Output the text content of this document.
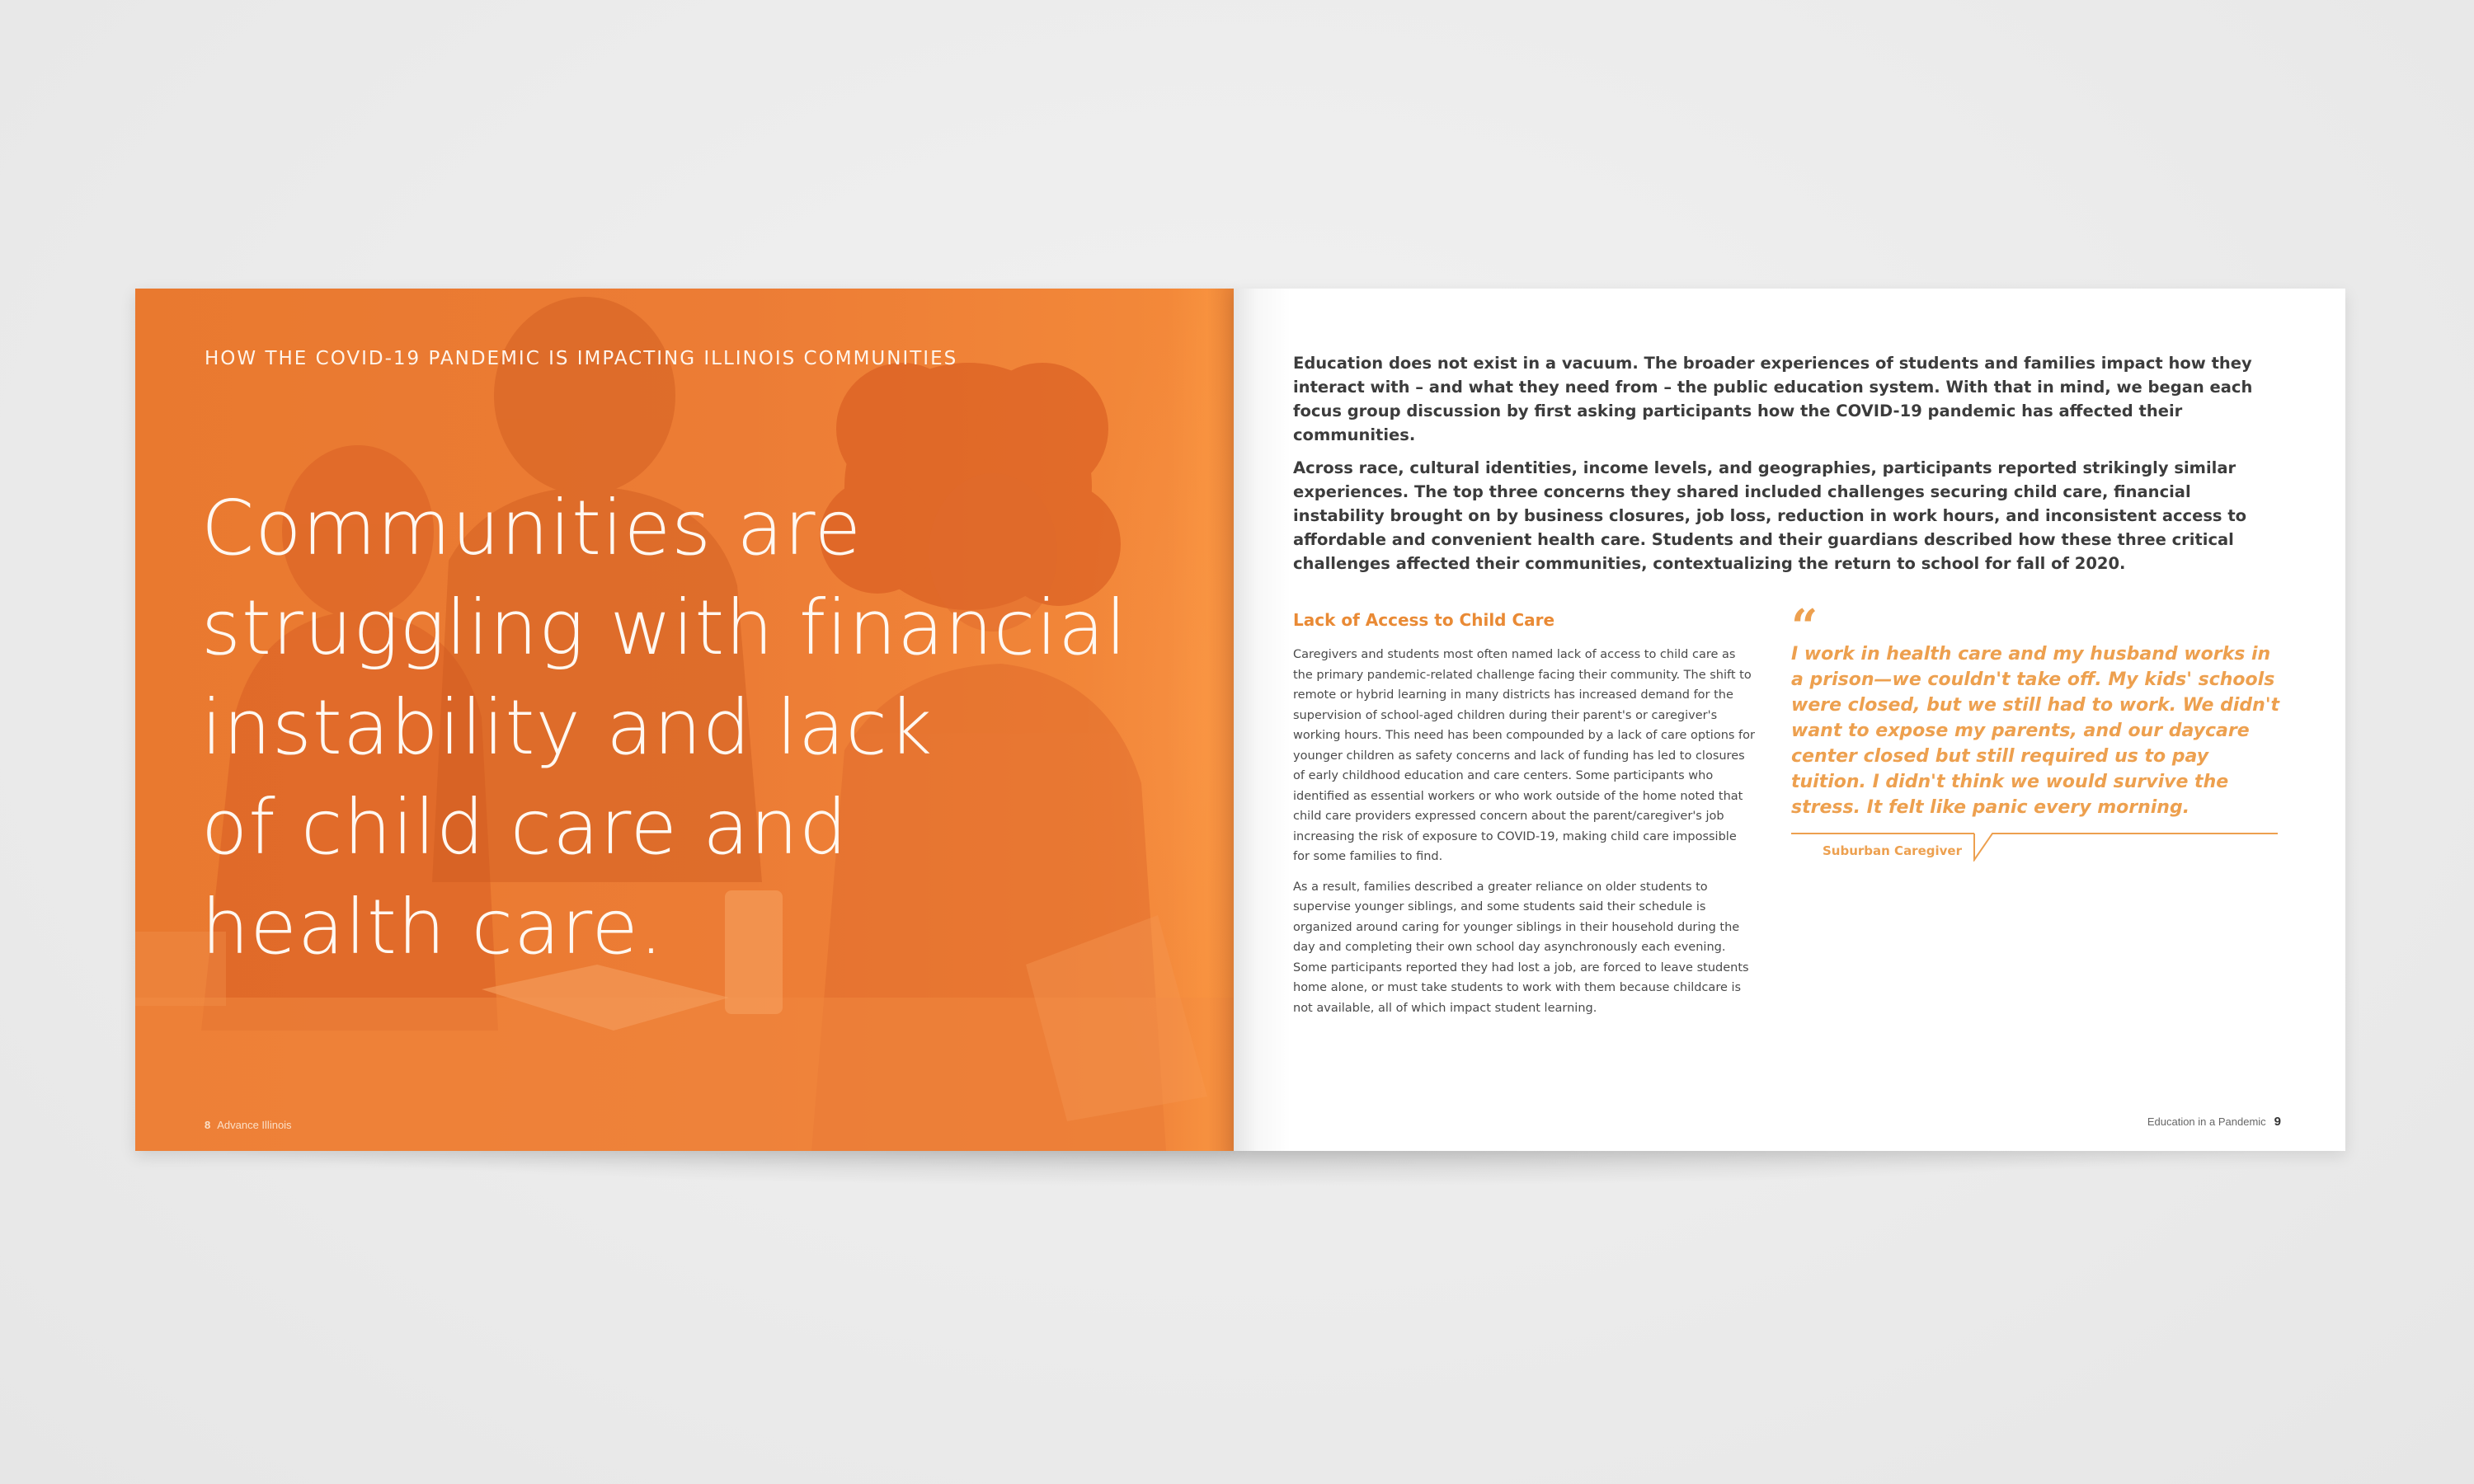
HOW THE COVID-19 PANDEMIC IS IMPACTING ILLINOIS COMMUNITIES
Communities are
struggling with financial
instability and lack
of child care and
health care.
8 Advance Illinois

Education does not exist in a vacuum. The broader experiences of students and families impact how they interact with – and what they need from – the public education system. With that in mind, we began each focus group discussion by first asking participants how the COVID-19 pandemic has affected their communities.

Across race, cultural identities, income levels, and geographies, participants reported strikingly similar experiences. The top three concerns they shared included challenges securing child care, financial instability brought on by business closures, job loss, reduction in work hours, and inconsistent access to affordable and convenient health care. Students and their guardians described how these three critical challenges affected their communities, contextualizing the return to school for fall of 2020.

Lack of Access to Child Care

Caregivers and students most often named lack of access to child care as the primary pandemic-related challenge facing their community. The shift to remote or hybrid learning in many districts has increased demand for the supervision of school-aged children during their parent's or caregiver's working hours. This need has been compounded by a lack of care options for younger children as safety concerns and lack of funding has led to closures of early childhood education and care centers. Some participants who identified as essential workers or who work outside of the home noted that child care providers expressed concern about the parent/caregiver's job increasing the risk of exposure to COVID-19, making child care impossible for some families to find.

As a result, families described a greater reliance on older students to supervise younger siblings, and some students said their schedule is organized around caring for younger siblings in their household during the day and completing their own school day asynchronously each evening. Some participants reported they had lost a job, are forced to leave students home alone, or must take students to work with them because childcare is not available, all of which impact student learning.

“
I work in health care and my husband works in a prison—we couldn't take off. My kids' schools were closed, but we still had to work. We didn't want to expose my parents, and our daycare center closed but still required us to pay tuition. I didn't think we would survive the stress. It felt like panic every morning.
Suburban Caregiver
Education in a Pandemic 9
